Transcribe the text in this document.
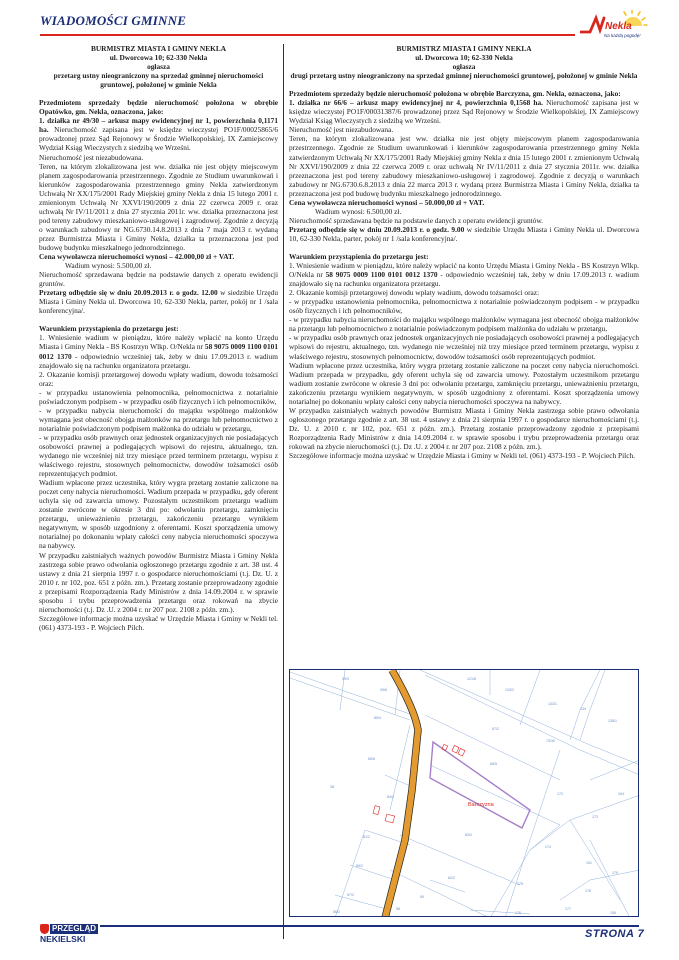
WIADOMOŚCI GMINNE	Nekla
Na każdą pogodę!

BURMISTRZ MIASTA I GMINY NEKLA

ul. Dworcowa 10; 62-330 Nekla

ogłasza

przetarg ustny nieograniczony na sprzedaż gminnej nieruchomości

gruntowej, położonej w gminie Nekla

Przedmiotem sprzedaży będzie nieruchomość położona w obrębie Opatówko, gm. Nekla, oznaczona, jako:

1. działka nr 49/30 – arkusz mapy ewidencyjnej nr 1, powierzchnia 0,1171 ha. Nieruchomość zapisana jest w księdze wieczystej PO1F/00025865/6 prowadzonej przez Sąd Rejonowy w Środzie Wielkopolskiej, IX Zamiejscowy Wydział Ksiąg Wieczystych z siedzibą we Wrześni.

Nieruchomość jest niezabudowana.

Teren, na którym zlokalizowana jest ww. działka nie jest objęty miejscowym planem zagospodarowania przestrzennego. Zgodnie ze Studium uwarunkowań i kierunków zagospodarowania przestrzennego gminy Nekla zatwierdzonym Uchwałą Nr XX/175/2001 Rady Miejskiej gminy Nekla z dnia 15 lutego 2001 r. zmienionym Uchwałą Nr XXVI/190/2009 z dnia 22 czerwca 2009 r. oraz uchwałą Nr IV/11/2011 z dnia 27 stycznia 2011r. ww. działka przeznaczona jest pod tereny zabudowy mieszkaniowo-usługowej i zagrodowej. Zgodnie z decyzją o warunkach zabudowy nr NG.6730.14.8.2013 z dnia 7 maja 2013 r. wydaną przez Burmistrza Miasta i Gminy Nekla, działka ta przeznaczona jest pod budowę budynku mieszkalnego jednorodzinnego.

Cena wywoławcza nieruchomości wynosi – 42.000,00 zł + VAT.

Wadium wynosi: 5.500,00 zł.

Nieruchomość sprzedawana będzie na podstawie danych z operatu ewidencji gruntów.

Przetarg odbędzie się w dniu 20.09.2013 r. o godz. 12.00 w siedzibie Urzędu Miasta i Gminy Nekla ul. Dworcowa 10, 62-330 Nekla, parter, pokój nr 1 /sala konferencyjna/.

Warunkiem przystąpienia do przetargu jest:

1. Wniesienie wadium w pieniądzu, które należy wpłacić na konto Urzędu Miasta i Gminy Nekla - BS Kostrzyn Wlkp. O/Nekla nr 58 9075 0009 1100 0101 0012 1370 - odpowiednio wcześniej tak, żeby w dniu 17.09.2013 r. wadium znajdowało się na rachunku organizatora przetargu.

2. Okazanie komisji przetargowej dowodu wpłaty wadium, dowodu tożsamości oraz:

- w przypadku ustanowienia pełnomocnika, pełnomocnictwa z notarialnie poświadczonym podpisem - w przypadku osób fizycznych i ich pełnomocników,

- w przypadku nabycia nieruchomości do majątku wspólnego małżonków wymagana jest obecność obojga małżonków na przetargu lub pełnomocnictwo z notarialnie poświadczonym podpisem małżonka do udziału w przetargu,

- w przypadku osób prawnych oraz jednostek organizacyjnych nie posiadających osobowości prawnej a podlegających wpisowi do rejestru, aktualnego, tzn. wydanego nie wcześniej niż trzy miesiące przed terminem przetargu, wypisu z właściwego rejestru, stosownych pełnomocnictw, dowodów tożsamości osób reprezentujących podmiot.

Wadium wpłacone przez uczestnika, który wygra przetarg zostanie zaliczone na poczet ceny nabycia nieruchomości. Wadium przepada w przypadku, gdy oferent uchyla się od zawarcia umowy. Pozostałym uczestnikom przetargu wadium zostanie zwrócone w okresie 3 dni po: odwołaniu przetargu, zamknięciu przetargu, unieważnieniu przetargu, zakończeniu przetargu wynikiem negatywnym, w sposób uzgodniony z oferentami. Koszt sporządzenia umowy notarialnej po dokonaniu wpłaty całości ceny nabycia nieruchomości spoczywa na nabywcy.

W przypadku zaistniałych ważnych powodów Burmistrz Miasta i Gminy Nekla zastrzega sobie prawo odwołania ogłoszonego przetargu zgodnie z art. 38 ust. 4 ustawy z dnia 21 sierpnia 1997 r. o gospodarce nieruchomościami (t.j. Dz. U. z 2010 r. nr 102, poz. 651 z późn. zm.). Przetarg zostanie przeprowadzony zgodnie z przepisami Rozporządzenia Rady Ministrów z dnia 14.09.2004 r. w sprawie sposobu i trybu przeprowadzenia przetargu oraz rokowań na zbycie nieruchomości (t.j. Dz .U. z 2004 r. nr 207 poz. 2108 z późn. zm.).

Szczegółowe informacje można uzyskać w Urzędzie Miasta i Gminy w Nekli tel. (061) 4373-193 - P. Wojciech Pilch.

BURMISTRZ MIASTA I GMINY NEKLA

ul. Dworcowa 10; 62-330 Nekla

ogłasza

drugi przetarg ustny nieograniczony na sprzedaż gminnej nieruchomości gruntowej, położonej w gminie Nekla

Przedmiotem sprzedaży będzie nieruchomość położona w obrębie Barczyzna, gm. Nekla, oznaczona, jako:

1. działka nr 66/6 – arkusz mapy ewidencyjnej nr 4, powierzchnia 0,1568 ha. Nieruchomość zapisana jest w księdze wieczystej PO1F/00031387/6 prowadzonej przez Sąd Rejonowy w Środzie Wielkopolskiej, IX Zamiejscowy Wydział Ksiąg Wieczystych z siedzibą we Wrześni.

Nieruchomość jest niezabudowana.

Teren, na którym zlokalizowana jest ww. działka nie jest objęty miejscowym planem zagospodarowania przestrzennego. Zgodnie ze Studium uwarunkowań i kierunków zagospodarowania przestrzennego gminy Nekla zatwierdzonym Uchwałą Nr XX/175/2001 Rady Miejskiej gminy Nekla z dnia 15 lutego 2001 r. zmienionym Uchwałą Nr XXVI/190/2009 z dnia 22 czerwca 2009 r. oraz uchwałą Nr IV/11/2011 z dnia 27 stycznia 2011r. ww. działka przeznaczona jest pod tereny zabudowy mieszkaniowo-usługowej i zagrodowej. Zgodnie z decyzją o warunkach zabudowy nr NG.6730.6.8.2013 z dnia 22 marca 2013 r. wydaną przez Burmistrza Miasta i Gminy Nekla, działka ta przeznaczona jest pod budowę budynku mieszkalnego jednorodzinnego.

Cena wywoławcza nieruchomości wynosi – 50.000,00 zł + VAT.

Wadium wynosi: 6.500,00 zł.

Nieruchomość sprzedawana będzie na podstawie danych z operatu ewidencji gruntów.

Przetarg odbędzie się w dniu 20.09.2013 r. o godz. 9.00 w siedzibie Urzędu Miasta i Gminy Nekla ul. Dworcowa 10, 62-330 Nekla, parter, pokój nr 1 /sala konferencyjna/.

Warunkiem przystąpienia do przetargu jest:

1. Wniesienie wadium w pieniądzu, które należy wpłacić na konto Urzędu Miasta i Gminy Nekla - BS Kostrzyn Wlkp. O/Nekla nr 58 9075 0009 1100 0101 0012 1370 - odpowiednio wcześniej tak, żeby w dniu 17.09.2013 r. wadium znajdowało się na rachunku organizatora przetargu.

2. Okazanie komisji przetargowej dowodu wpłaty wadium, dowodu tożsamości oraz:

- w przypadku ustanowienia pełnomocnika, pełnomocnictwa z notarialnie poświadczonym podpisem - w przypadku osób fizycznych i ich pełnomocników,

- w przypadku nabycia nieruchomości do majątku wspólnego małżonków wymagana jest obecność obojga małżonków na przetargu lub pełnomocnictwo z notarialnie poświadczonym podpisem małżonka do udziału w przetargu,

- w przypadku osób prawnych oraz jednostek organizacyjnych nie posiadających osobowości prawnej a podlegających wpisowi do rejestru, aktualnego, tzn. wydanego nie wcześniej niż trzy miesiące przed terminem przetargu, wypisu z właściwego rejestru, stosownych pełnomocnictw, dowodów tożsamości osób reprezentujących podmiot.

Wadium wpłacone przez uczestnika, który wygra przetarg zostanie zaliczone na poczet ceny nabycia nieruchomości. Wadium przepada w przypadku, gdy oferent uchyla się od zawarcia umowy. Pozostałym uczestnikom przetargu wadium zostanie zwrócone w okresie 3 dni po: odwołaniu przetargu, zamknięciu przetargu, unieważnieniu przetargu, zakończeniu przetargu wynikiem negatywnym, w sposób uzgodniony z oferentami. Koszt sporządzenia umowy notarialnej po dokonaniu wpłaty całości ceny nabycia nieruchomości spoczywa na nabywcy.

W przypadku zaistniałych ważnych powodów Burmistrz Miasta i Gminy Nekla zastrzega sobie prawo odwołania ogłoszonego przetargu zgodnie z art. 38 ust. 4 ustawy z dnia 21 sierpnia 1997 r. o gospodarce nieruchomościami (t.j. Dz. U. z 2010 r. nr 102, poz. 651 z późn. zm.). Przetarg zostanie przeprowadzony zgodnie z przepisami Rozporządzenia Rady Ministrów z dnia 14.09.2004 r. w sprawie sposobu i trybu przeprowadzenia przetargu oraz rokowań na zbycie nieruchomości (t.j. Dz .U. z 2004 r. nr 207 poz. 2108 z późn. zm.).

Szczegółowe informacje można uzyskać w Urzędzie Miasta i Gminy w Nekli tel. (061) 4373-193 - P. Wojciech Pilch.

39/3
39/6
121/8
133/2
133/1
134
135/1
85/4
67/2
73/30
65/8
66/5
38
84/2
172	194
173
81/2	83/2
174
151
179
59/2
62/2
175
178
57/2	59
58
56/2	176
177
156
Barczyzna
PRZEGLĄD
NEKIELSKI	STRONA 7
